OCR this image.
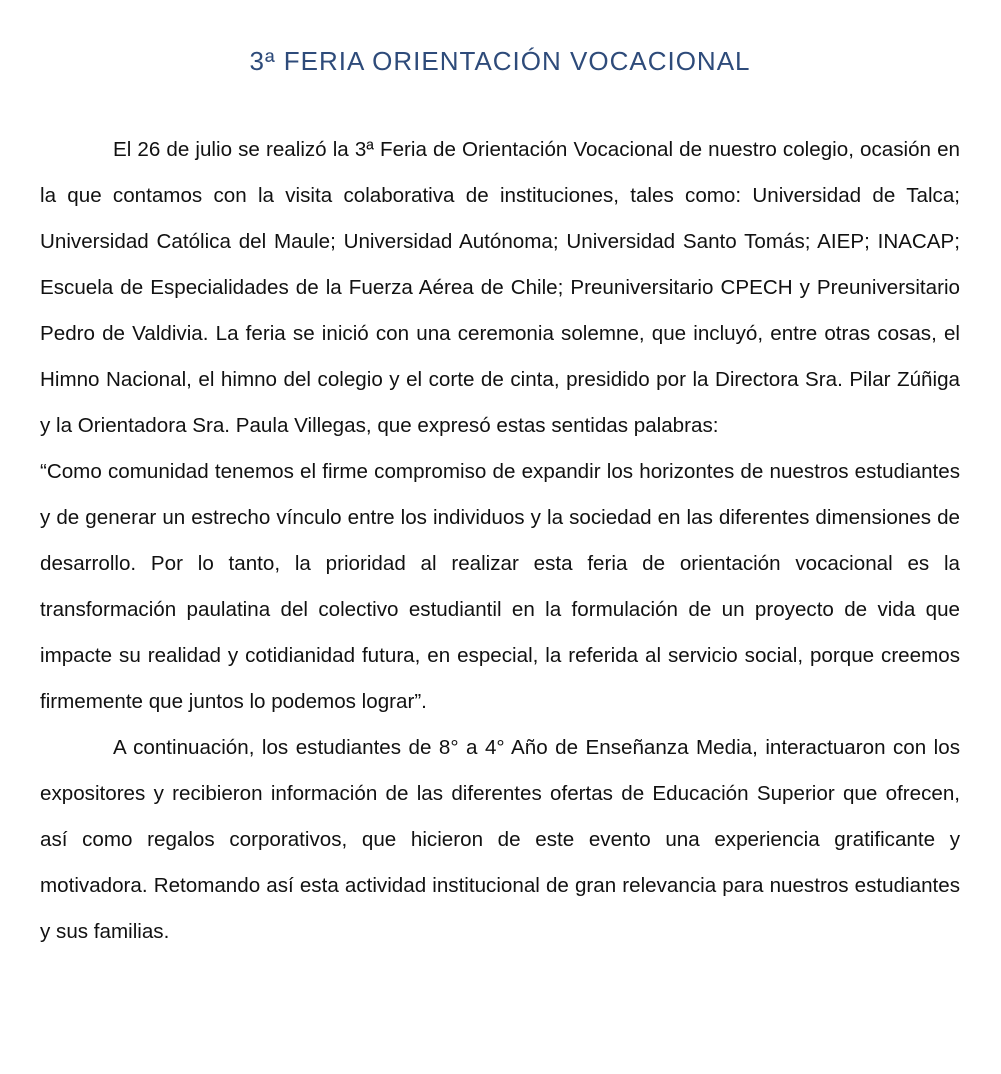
3ª FERIA ORIENTACIÓN VOCACIONAL

El 26 de julio se realizó la 3ª Feria de Orientación Vocacional de nuestro colegio, ocasión en la que contamos con la visita colaborativa de instituciones, tales como: Universidad de Talca; Universidad Católica del Maule; Universidad Autónoma; Universidad Santo Tomás; AIEP; INACAP; Escuela de Especialidades de la Fuerza Aérea de Chile; Preuniversitario CPECH y Preuniversitario Pedro de Valdivia. La feria se inició con una ceremonia solemne, que incluyó, entre otras cosas, el Himno Nacional, el himno del colegio y el corte de cinta, presidido por la Directora Sra. Pilar Zúñiga y la Orientadora Sra. Paula Villegas, que expresó estas sentidas palabras:

“Como comunidad tenemos el firme compromiso de expandir los horizontes de nuestros estudiantes y de generar un estrecho vínculo entre los individuos y la sociedad en las diferentes dimensiones de desarrollo. Por lo tanto, la prioridad al realizar esta feria de orientación vocacional es la transformación paulatina del colectivo estudiantil en la formulación de un proyecto de vida que impacte su realidad y cotidianidad futura, en especial, la referida al servicio social, porque creemos firmemente que juntos lo podemos lograr”.

A continuación, los estudiantes de 8° a 4° Año de Enseñanza Media, interactuaron con los expositores y recibieron información de las diferentes ofertas de Educación Superior que ofrecen, así como regalos corporativos, que hicieron de este evento una experiencia gratificante y motivadora. Retomando así esta actividad institucional de gran relevancia para nuestros estudiantes y sus familias.
